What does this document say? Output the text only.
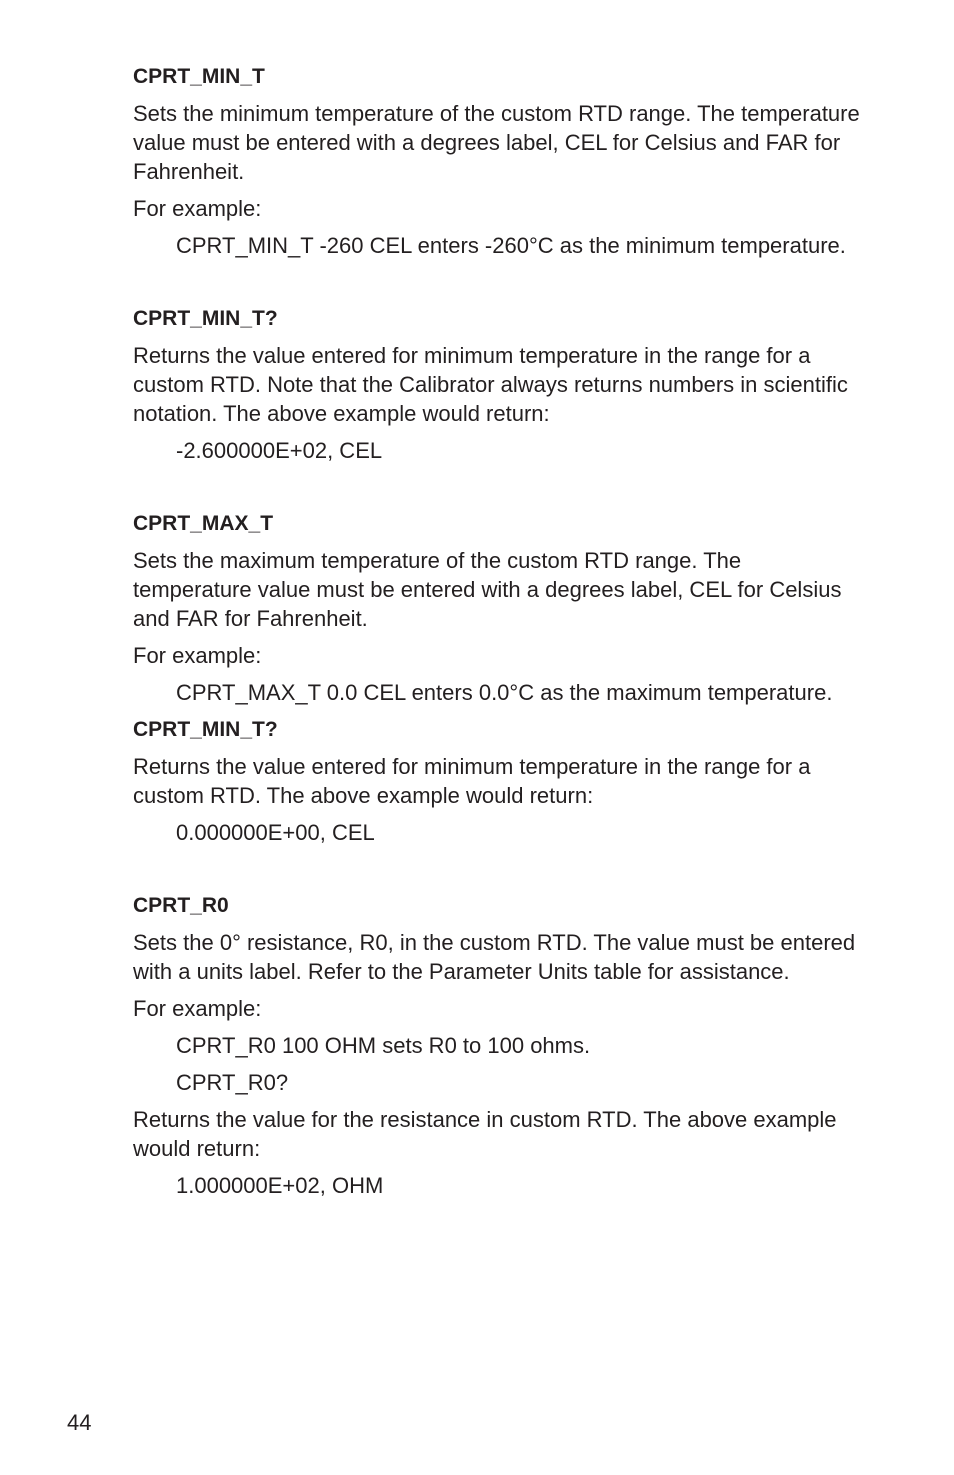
CPRT_MIN_T
Sets the minimum temperature of the custom RTD range. The temperature value must be entered with a degrees label, CEL for Celsius and FAR for Fahrenheit.
For example:
CPRT_MIN_T -260 CEL enters -260°C as the minimum temperature.
CPRT_MIN_T?
Returns the value entered for minimum temperature in the range for a custom RTD. Note that the Calibrator always returns numbers in scientific notation. The above example would return:
-2.600000E+02, CEL
CPRT_MAX_T
Sets the maximum temperature of the custom RTD range. The temperature value must be entered with a degrees label, CEL for Celsius and FAR for Fahrenheit.
For example:
CPRT_MAX_T 0.0 CEL enters 0.0°C as the maximum temperature.
CPRT_MIN_T?
Returns the value entered for minimum temperature in the range for a custom RTD. The above example would return:
0.000000E+00, CEL
CPRT_R0
Sets the 0° resistance, R0, in the custom RTD. The value must be entered with a units label. Refer to the Parameter Units table for assistance.
For example:
CPRT_R0 100 OHM sets R0 to 100 ohms.
CPRT_R0?
Returns the value for the resistance in custom RTD. The above example would return:
1.000000E+02, OHM
44
